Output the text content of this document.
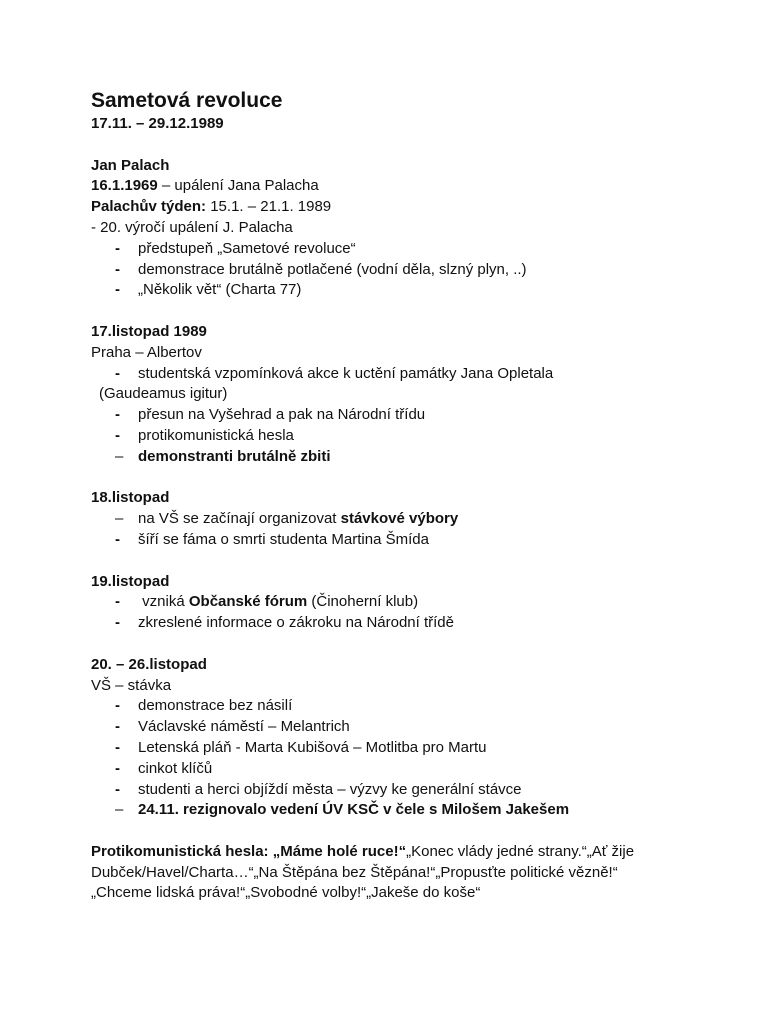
Sametová revoluce
17.11. – 29.12.1989
Jan Palach
16.1.1969 – upálení Jana Palacha
Palachův týden: 15.1. – 21.1. 1989
- 20. výročí upálení J. Palacha
- předstupeň „Sametové revoluce“
- demonstrace brutálně potlačené (vodní děla, slzný plyn, ..)
- „Několik vět“ (Charta 77)
17.listopad 1989
Praha – Albertov
- studentská vzpomínková akce k uctění památky Jana Opletala
(Gaudeamus igitur)
- přesun na Vyšehrad a pak na Národní třídu
- protikomunistická hesla
– demonstranti brutálně zbiti
18.listopad
– na VŠ se začínají organizovat stávkové výbory
- šíří se fáma o smrti studenta Martina Šmída
19.listopad
- vzniká Občanské fórum (Činoherní klub)
- zkreslené informace o zákroku na Národní třídě
20. – 26.listopad
VŠ – stávka
- demonstrace bez násilí
- Václavské náměstí – Melantrich
- Letenská pláň - Marta Kubišová – Motlitba pro Martu
- cinkot klíčů
- studenti a herci objíždí města – výzvy ke generální stávce
– 24.11. rezignovalo vedení ÚV KSČ v čele s Milošem Jakešem
Protikomunistická hesla: „Máme holé ruce!“„Konec vlády jedné strany.“„Ať žije Dubček/Havel/Charta…“„Na Štěpána bez Štěpána!“„Propusťte politické vězně!“ „Chceme lidská práva!“„Svobodné volby!“„Jakeše do koše“
